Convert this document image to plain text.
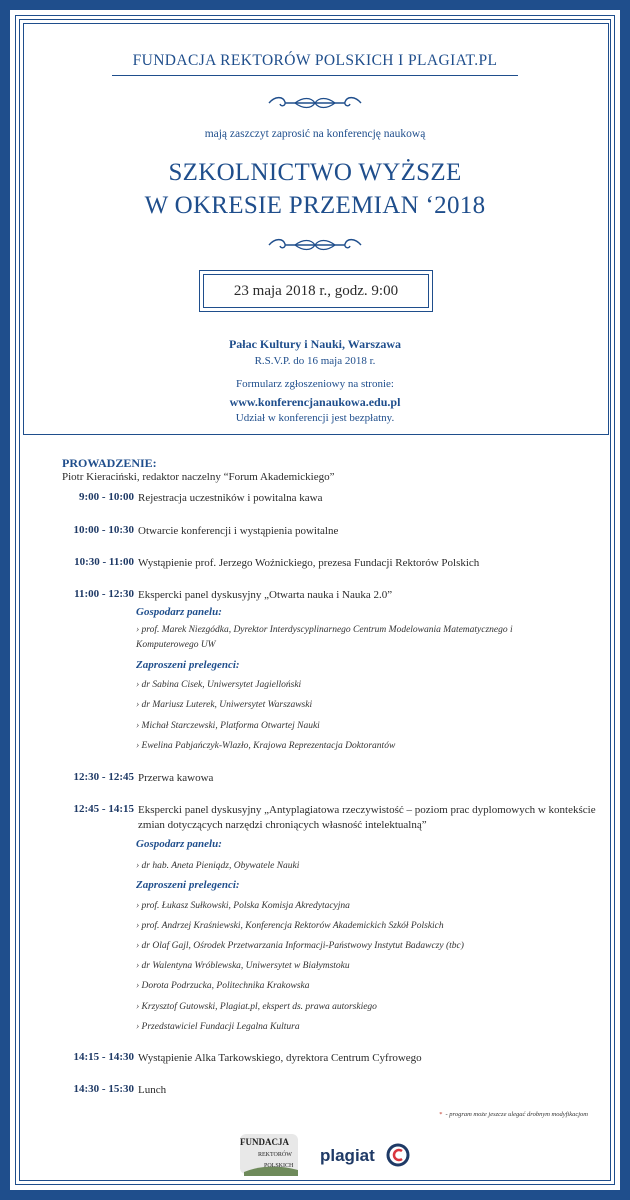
FUNDACJA REKTORÓW POLSKICH I PLAGIAT.PL
mają zaszczyt zaprosić na konferencję naukową
SZKOLNICTWO WYŻSZE
W OKRESIE PRZEMIAN ‘2018
23 maja 2018 r., godz. 9:00
Pałac Kultury i Nauki, Warszawa
R.S.V.P. do 16 maja 2018 r.
Formularz zgłoszeniowy na stronie:
www.konferencjanaukowa.edu.pl
Udział w konferencji jest bezpłatny.
PROWADZENIE:
Piotr Kieraciński, redaktor naczelny “Forum Akademickiego”
9:00 - 10:00 Rejestracja uczestników i powitalna kawa
10:00 - 10:30 Otwarcie konferencji i wystąpienia powitalne
10:30 - 11:00 Wystąpienie prof. Jerzego Woźnickiego, prezesa Fundacji Rektorów Polskich
11:00 - 12:30 Ekspercki panel dyskusyjny „Otwarta nauka i Nauka 2.0”
Gospodarz panelu:
› prof. Marek Niezgódka, Dyrektor Interdyscyplinarnego Centrum Modelowania Matematycznego i Komputerowego UW
Zaproszeni prelegenci:
› dr Sabina Cisek, Uniwersytet Jagielloński
› dr Mariusz Luterek, Uniwersytet Warszawski
› Michał Starczewski, Platforma Otwartej Nauki
› Ewelina Pabjańczyk-Wlazło, Krajowa Reprezentacja Doktorantów
12:30 - 12:45 Przerwa kawowa
12:45 - 14:15 Ekspercki panel dyskusyjny „Antyplagiatowa rzeczywistość – poziom prac dyplomowych w kontekście zmian dotyczących narzędzi chroniących własność intelektualną”
Gospodarz panelu:
› dr hab. Aneta Pieniądz, Obywatele Nauki
Zaproszeni prelegenci:
› prof. Łukasz Sułkowski, Polska Komisja Akredytacyjna
› prof. Andrzej Kraśniewski, Konferencja Rektorów Akademickich Szkół Polskich
› dr Olaf Gajl, Ośrodek Przetwarzania Informacji-Państwowy Instytut Badawczy (tbc)
› dr Walentyna Wróblewska, Uniwersytet w Białymstoku
› Dorota Podrzucka, Politechnika Krakowska
› Krzysztof Gutowski, Plagiat.pl, ekspert ds. prawa autorskiego
› Przedstawiciel Fundacji Legalna Kultura
14:15 - 14:30 Wystąpienie Alka Tarkowskiego, dyrektora Centrum Cyfrowego
14:30 - 15:30 Lunch
* - program może jeszcze ulegać drobnym modyfikacjom
FUNDACJA
REKTORÓW
POLSKICH
plagiat
